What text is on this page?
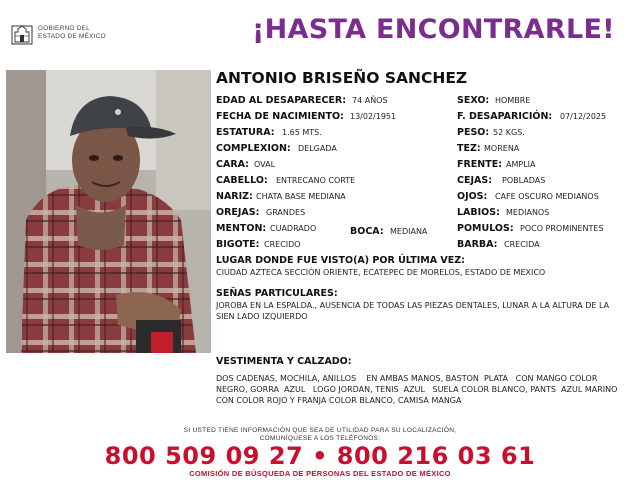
GOBIERNO DEL
ESTADO DE MÉXICO	¡HASTA ENCONTRARLE!
ANTONIO BRISEÑO SANCHEZ
EDAD AL DESAPARECER: 74 AÑOS
FECHA DE NACIMIENTO: 13/02/1951
ESTATURA: 1.65 MTS.
COMPLEXION: DELGADA
CARA: OVAL
CABELLO: ENTRECANO CORTE
NARIZ: CHATA BASE MEDIANA
OREJAS: GRANDES
MENTON: CUADRADO	BOCA: MEDIANA
BIGOTE: CRECIDO
SEXO: HOMBRE
F. DESAPARICIÓN: 07/12/2025
PESO: 52 KGS.
TEZ: MORENA
FRENTE: AMPLIA
CEJAS: POBLADAS
OJOS: CAFE OSCURO MEDIANOS
LABIOS: MEDIANOS
POMULOS: POCO PROMINENTES
BARBA: CRECIDA
LUGAR DONDE FUE VISTO(A) POR ÚLTIMA VEZ:
CIUDAD AZTECA SECCIÓN ORIENTE, ECATEPEC DE MORELOS, ESTADO DE MEXICO
SEÑAS PARTICULARES:
JOROBA EN LA ESPALDA., AUSENCIA DE TODAS LAS PIEZAS DENTALES, LUNAR A LA ALTURA DE LA SIEN LADO IZQUIERDO
VESTIMENTA Y CALZADO:
DOS CADENAS, MOCHILA, ANILLOS    EN AMBAS MANOS, BASTON  PLATA   CON MANGO COLOR NEGRO, GORRA  AZUL   LOGO JORDAN, TENIS  AZUL   SUELA COLOR BLANCO, PANTS  AZUL MARINO   CON COLOR ROJO Y FRANJA COLOR BLANCO, CAMISA MANGA
SI USTED TIENE INFORMACIÓN QUE SEA DE UTILIDAD PARA SU LOCALIZACIÓN,
COMUNÍQUESE A LOS TELÉFONOS:
800 509 09 27 • 800 216 03 61
COMISIÓN DE BÚSQUEDA DE PERSONAS DEL ESTADO DE MÉXICO
